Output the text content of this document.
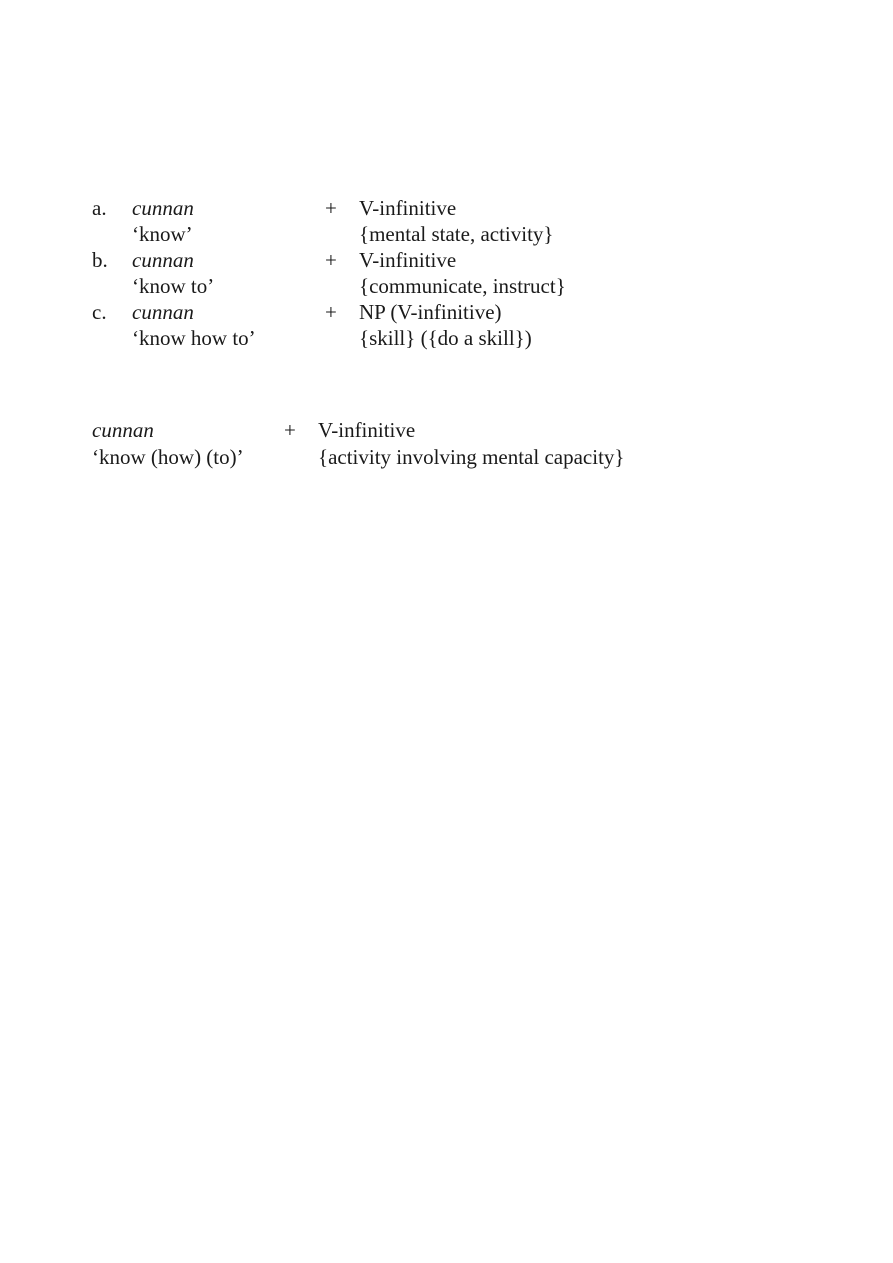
a. cunnan	+ V-infinitive
‘know’	{mental state, activity}
b. cunnan	+ V-infinitive
‘know to’	{communicate, instruct}
c. cunnan	+ NP (V-infinitive)
‘know how to’	{skill} ({do a skill})
cunnan	+ V-infinitive
‘know (how) (to)’	{activity involving mental capacity}
